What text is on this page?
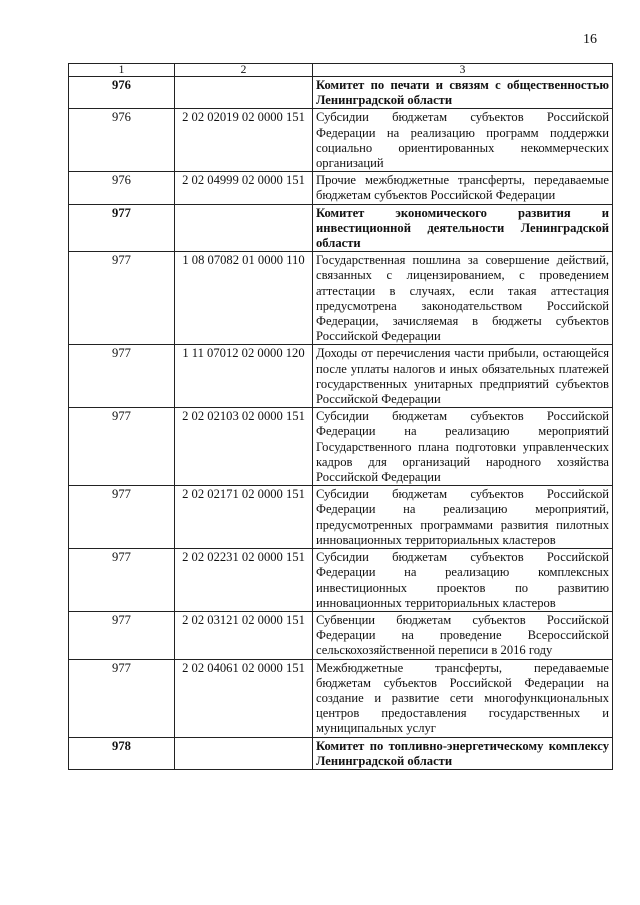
16
1	2	3
976		Комитет по печати и связям с общественностью Ленинградской области
976	2 02 02019 02 0000 151	Субсидии бюджетам субъектов Российской Федерации на реализацию программ поддержки социально ориентированных некоммерческих организаций
976	2 02 04999 02 0000 151	Прочие межбюджетные трансферты, передаваемые бюджетам субъектов Российской Федерации
977		Комитет экономического развития и инвестиционной деятельности Ленинградской области
977	1 08 07082 01 0000 110	Государственная пошлина за совершение действий, связанных с лицензированием, с проведением аттестации в случаях, если такая аттестация предусмотрена законодательством Российской Федерации, зачисляемая в бюджеты субъектов Российской Федерации
977	1 11 07012 02 0000 120	Доходы от перечисления части прибыли, остающейся после уплаты налогов и иных обязательных платежей государственных унитарных предприятий субъектов Российской Федерации
977	2 02 02103 02 0000 151	Субсидии бюджетам субъектов Российской Федерации на реализацию мероприятий Государственного плана подготовки управленческих кадров для организаций народного хозяйства Российской Федерации
977	2 02 02171 02 0000 151	Субсидии бюджетам субъектов Российской Федерации на реализацию мероприятий, предусмотренных программами развития пилотных инновационных территориальных кластеров
977	2 02 02231 02 0000 151	Субсидии бюджетам субъектов Российской Федерации на реализацию комплексных инвестиционных проектов по развитию инновационных территориальных кластеров
977	2 02 03121 02 0000 151	Субвенции бюджетам субъектов Российской Федерации на проведение Всероссийской сельскохозяйственной переписи в 2016 году
977	2 02 04061 02 0000 151	Межбюджетные трансферты, передаваемые бюджетам субъектов Российской Федерации на создание и развитие сети многофункциональных центров предоставления государственных и муниципальных услуг
978		Комитет по топливно-энергетическому комплексу Ленинградской области
